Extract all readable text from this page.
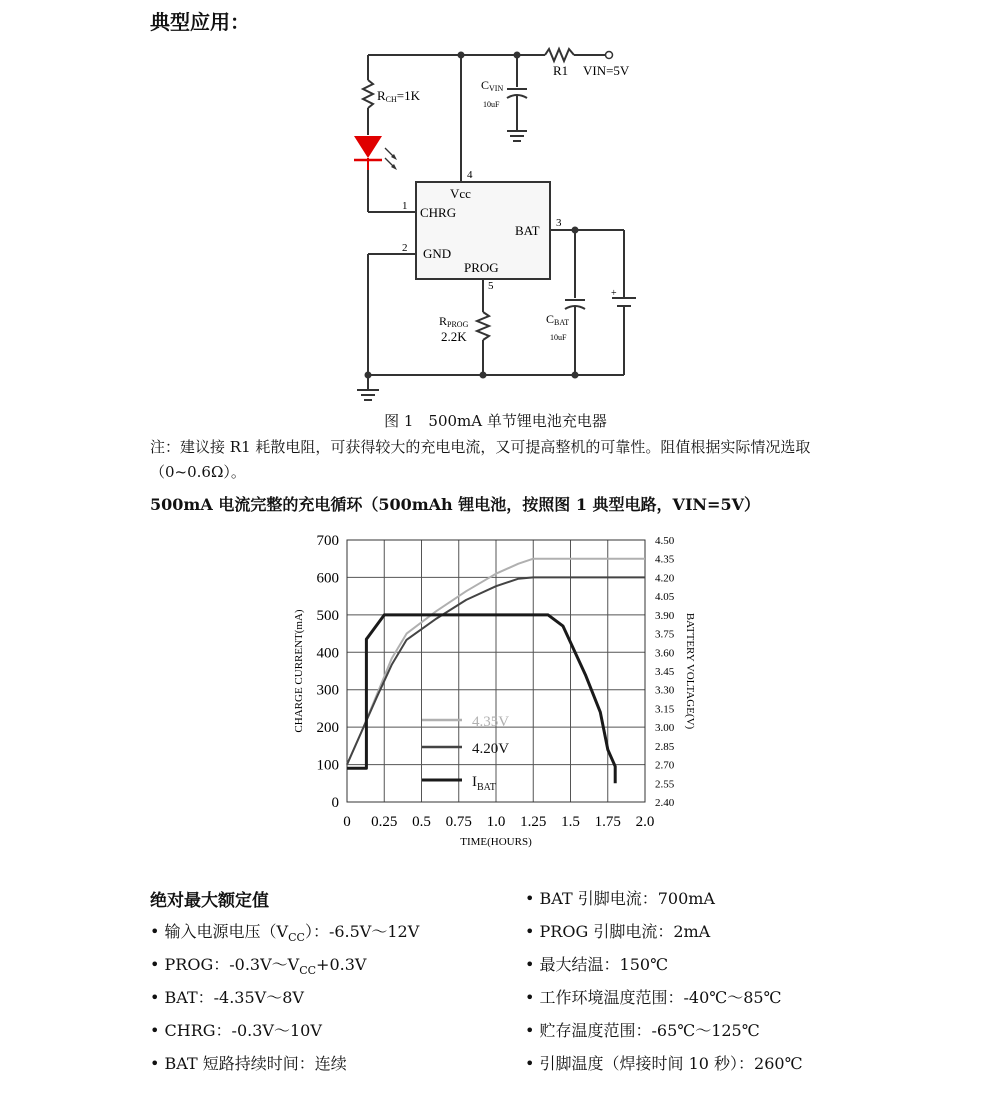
典型应用：
RCH=1K
CVIN
10uF
R1 VIN=5V
4
1
2
3
5
Vcc
CHRG
GND
BAT
PROG
RPROG
2.2K
CBAT
10uF
+
图 1　500mA 单节锂电池充电器
注：建议接 R1 耗散电阻，可获得较大的充电电流，又可提高整机的可靠性。阻值根据实际情况选取（0~0.6Ω）。
500mA 电流完整的充电循环（500mAh 锂电池，按照图 1 典型电路，VIN=5V）
0 0.25 0.5 0.75 1.0 1.25 1.5 1.75 2.0
0
100
200
300
400
500
600
700
2.40
2.55
2.70
2.85
3.00
3.15
3.30
3.45
3.60
3.75
3.90
4.05
4.20
4.35
4.50
TIME(HOURS)
CHARGE CURRENT(mA)	BATTERY VOLTAGE(V)
4.35V
4.20V
$I_{BAT}$
绝对最大额定值
• 输入电源电压$(V_{CC})$：-6.5V～12V
• PROG：$-0.3V\sim V_{CC}+0.3V$
• BAT：-4.35V～8V
• CHRG：-0.3V～10V
• BAT 短路持续时间：连续
• BAT 引脚电流：700mA
• PROG 引脚电流：2mA
• 最大结温：150℃
• 工作环境温度范围：-40℃～85℃
• 贮存温度范围：-65℃～125℃
• 引脚温度（焊接时间 10 秒）：260℃
